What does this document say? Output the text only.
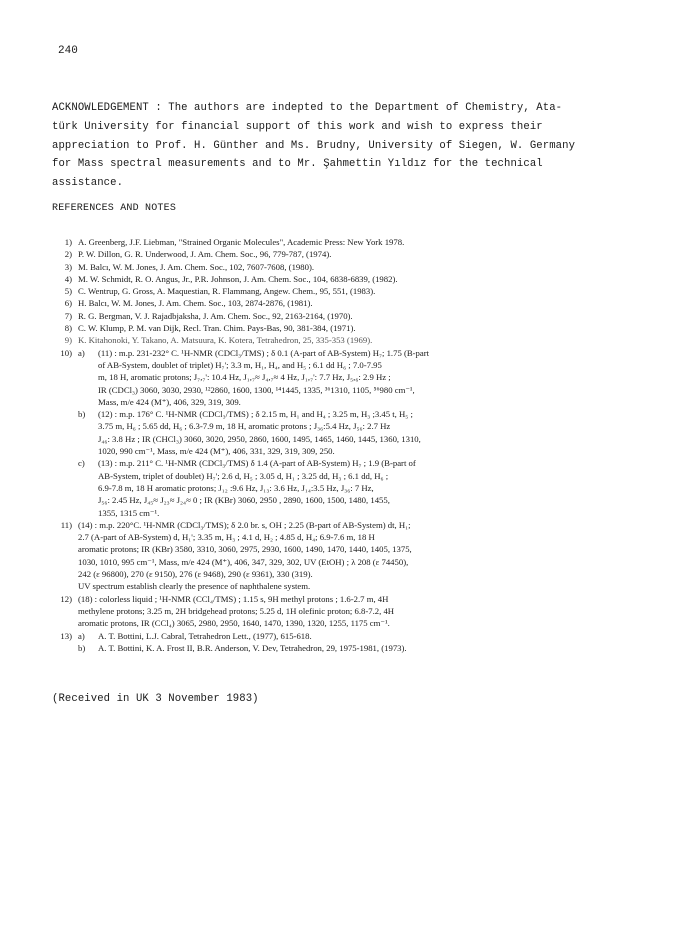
240
ACKNOWLEDGEMENT : The authors are indepted to the Department of Chemistry, Ata-
türk University for financial support of this work and wish to express their
appreciation to Prof. H. Günther and Ms. Brudny, University of Siegen, W. Germany
for Mass spectral measurements and to Mr. Şahmettin Yıldız for the technical
assistance.
REFERENCES AND NOTES
1) A. Greenberg, J.F. Liebman, "Strained Organic Molecules", Academic Press: New York 1978.
2) P. W. Dillon, G. R. Underwood, J. Am. Chem. Soc., 96, 779-787, (1974).
3) M. Balcı, W. M. Jones, J. Am. Chem. Soc., 102, 7607-7608, (1980).
4) M. W. Schmidt, R. O. Angus, Jr., P.R. Johnson, J. Am. Chem. Soc., 104, 6838-6839, (1982).
5) C. Wentrup, G. Gross, A. Maquestian, R. Flammang, Angew. Chem., 95, 551, (1983).
6) H. Balcı, W. M. Jones, J. Am. Chem. Soc., 103, 2874-2876, (1981).
7) R. G. Bergman, V. J. Rajadbjaksha, J. Am. Chem. Soc., 92, 2163-2164, (1970).
8) C. W. Klump, P. M. van Dijk, Recl. Tran. Chim. Pays-Bas, 90, 381-384, (1971).
9) K. Kitahonoki, Y. Takano, A. Matsuura, K. Kotera, Tetrahedron, 25, 335-353 (1969).
10) a)	(11) : m.p. 231-232° C. ¹H-NMR (CDCl₃/TMS) ; δ 0.1 (A-part of AB-System) H₇; 1.75 (B-part
of AB-System, doublet of triplet) H₇'; 3.3 m, H₁, H₄, and H₅ ; 6.1 dd H₆ ; 7.0-7.95
m, 18 H, aromatic protons; J₇,₇': 10.4 Hz, J₁,₇≈ J₄,₇≈ 4 Hz, J₁,₇': 7.7 Hz, J₅,₆: 2.9 Hz ;
IR (CDCl₃) 3060, 3030, 2930, ¹²2860, 1600, 1300, ¹⁴1445, 1335, ³⁶1310, 1105, ⁵⁶980 cm⁻¹,
Mass, m/e 424 (M⁺), 406, 329, 319, 309.
b)	(12) : m.p. 176° C. ¹H-NMR (CDCl₃/TMS) ; δ 2.15 m, H₁ and H₄ ; 3.25 m, H₃ ;3.45 t, H₅ ;
3.75 m, H₆ ; 5.65 dd, H₆ ; 6.3-7.9 m, 18 H, aromatic protons ; J₃₆:5.4 Hz, J₅₆: 2.7 Hz
J₄₆: 3.8 Hz ; IR (CHCl₃) 3060, 3020, 2950, 2860, 1600, 1495, 1465, 1460, 1445, 1360, 1310,
1020, 990 cm⁻¹, Mass, m/e 424 (M⁺), 406, 331, 329, 319, 309, 250.
c)	(13) : m.p. 211° C. ¹H-NMR (CDCl₃/TMS) δ 1.4 (A-part of AB-System) H₇ ; 1.9 (B-part of
AB-System, triplet of doublet) H₇'; 2.6 d, H₅ ; 3.05 d, H₁ ; 3.25 dd, H₃ ; 6.1 dd, H₆ ;
6.9-7.8 m, 18 H aromatic protons; J₁₂ :9.6 Hz, J₁₃: 3.6 Hz, J₁₄:3.5 Hz, J₃₆: 7 Hz,
J₅₆: 2.45 Hz, J₄₅≈ J₂₃≈ J₂₄≈ 0 ; IR (KBr) 3060, 2950 , 2890, 1600, 1500, 1480, 1455,
1355, 1315 cm⁻¹.
11) (14) : m.p. 220°C. ¹H-NMR (CDCl₃/TMS); δ 2.0 br. s, OH ; 2.25 (B-part of AB-System) dt, H₁;
2.7 (A-part of AB-System) d, H₁'; 3.35 m, H₃ ; 4.1 d, H₂ ; 4.85 d, H₄; 6.9-7.6 m, 18 H
aromatic protons; IR (KBr) 3580, 3310, 3060, 2975, 2930, 1600, 1490, 1470, 1440, 1405, 1375,
1030, 1010, 995 cm⁻¹, Mass, m/e 424 (M⁺), 406, 347, 329, 302, UV (EtOH) ; λ 208 (ε 74450),
242 (ε 96800), 270 (ε 9150), 276 (ε 9468), 290 (ε 9361), 330 (319).
UV spectrum establish clearly the presence of naphthalene system.
12) (18) : colorless liquid ; ¹H-NMR (CCl₄/TMS) ; 1.15 s, 9H methyl protons ; 1.6-2.7 m, 4H
methylene protons; 3.25 m, 2H bridgehead protons; 5.25 d, 1H olefinic proton; 6.8-7.2, 4H
aromatic protons, IR (CCl₄) 3065, 2980, 2950, 1640, 1470, 1390, 1320, 1255, 1175 cm⁻¹.
13) a)	A. T. Bottini, L.J. Cabral, Tetrahedron Lett., (1977), 615-618.
b)	A. T. Bottini, K. A. Frost II, B.R. Anderson, V. Dev, Tetrahedron, 29, 1975-1981, (1973).
(Received in UK 3 November 1983)
